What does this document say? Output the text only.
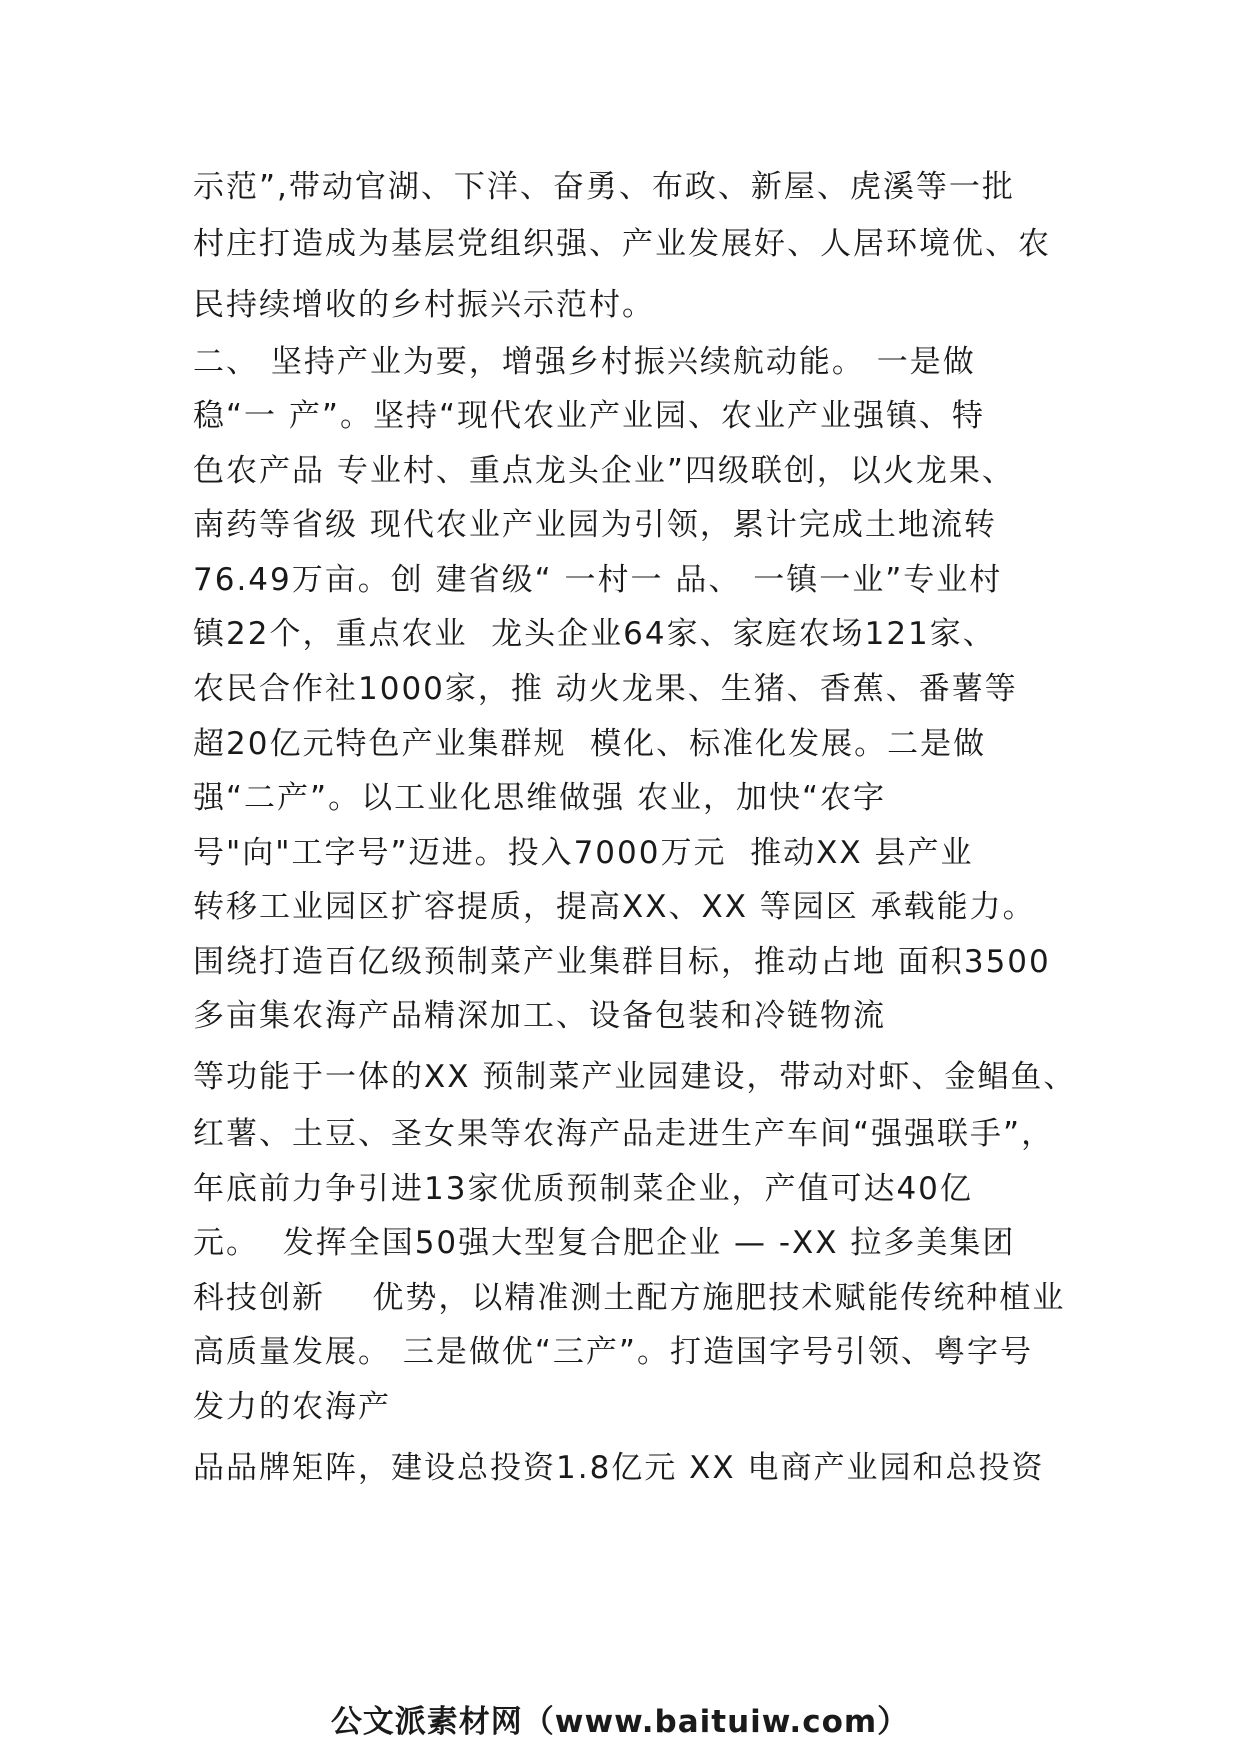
示范”,带动官湖、下洋、奋勇、布政、新屋、虎溪等一批
村庄打造成为基层党组织强、产业发展好、人居环境优、农
民持续增收的乡村振兴示范村。
二、 坚持产业为要，增强乡村振兴续航动能。 一是做
稳“一 产”。坚持“现代农业产业园、农业产业强镇、特
色农产品 专业村、重点龙头企业”四级联创，以火龙果、
南药等省级 现代农业产业园为引领，累计完成土地流转
76.49万亩。创 建省级“ 一村一 品、 一镇一业”专业村
镇22个，重点农业  龙头企业64家、家庭农场121家、
农民合作社1000家，推 动火龙果、生猪、香蕉、番薯等
超20亿元特色产业集群规  模化、标准化发展。二是做
强“二产”。以工业化思维做强 农业，加快“农字
号"向"工字号”迈进。投入7000万元  推动XX 县产业
转移工业园区扩容提质，提高XX、XX 等园区 承载能力。
围绕打造百亿级预制菜产业集群目标，推动占地 面积3500
多亩集农海产品精深加工、设备包装和冷链物流
等功能于一体的XX 预制菜产业园建设，带动对虾、金鲳鱼、
红薯、土豆、圣女果等农海产品走进生产车间“强强联手”，
年底前力争引进13家优质预制菜企业，产值可达40亿
元。  发挥全国50强大型复合肥企业 — -XX 拉多美集团
科技创新    优势，以精准测土配方施肥技术赋能传统种植业
高质量发展。 三是做优“三产”。打造国字号引领、粤字号
发力的农海产
品品牌矩阵，建设总投资1.8亿元 XX 电商产业园和总投资
公文派素材网（www.baituiw.com）
